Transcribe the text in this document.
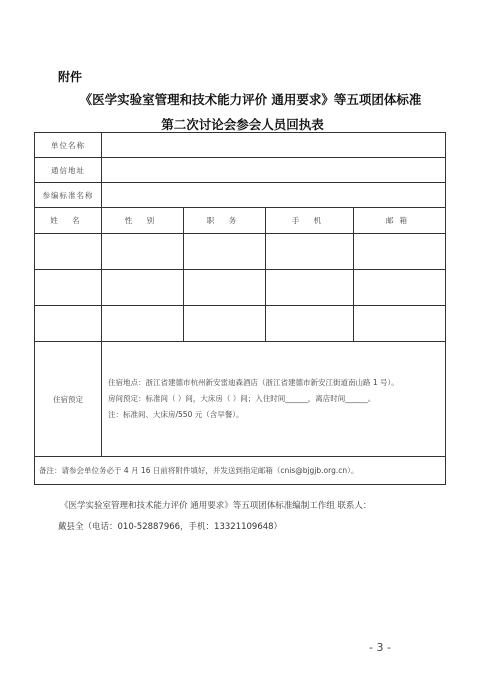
附件
《医学实验室管理和技术能力评价 通用要求》等五项团体标准
第二次讨论会参会人员回执表
单位名称				
通信地址				
参编标准名称				
姓 名	性 别	职 务	手 机	邮箱

住宿预定	住宿地点：浙江省建德市杭州新安雷迪森酒店（浙江省建德市新安江街道南山路 1 号）。

房间预定：标准间（ ）间，大床房（ ）间；入住时间______，离店时间______。

注：标准间、大床房/550 元（含早餐）。			

备注：请参会单位务必于 4 月 16 日前将附件填好，并发送到指定邮箱（cnis@bjgjb.org.cn）。				
《医学实验室管理和技术能力评价 通用要求》等五项团体标准编制工作组 联系人：
戴县全（电话：010-52887966，手机：13321109648）
- 3 -
